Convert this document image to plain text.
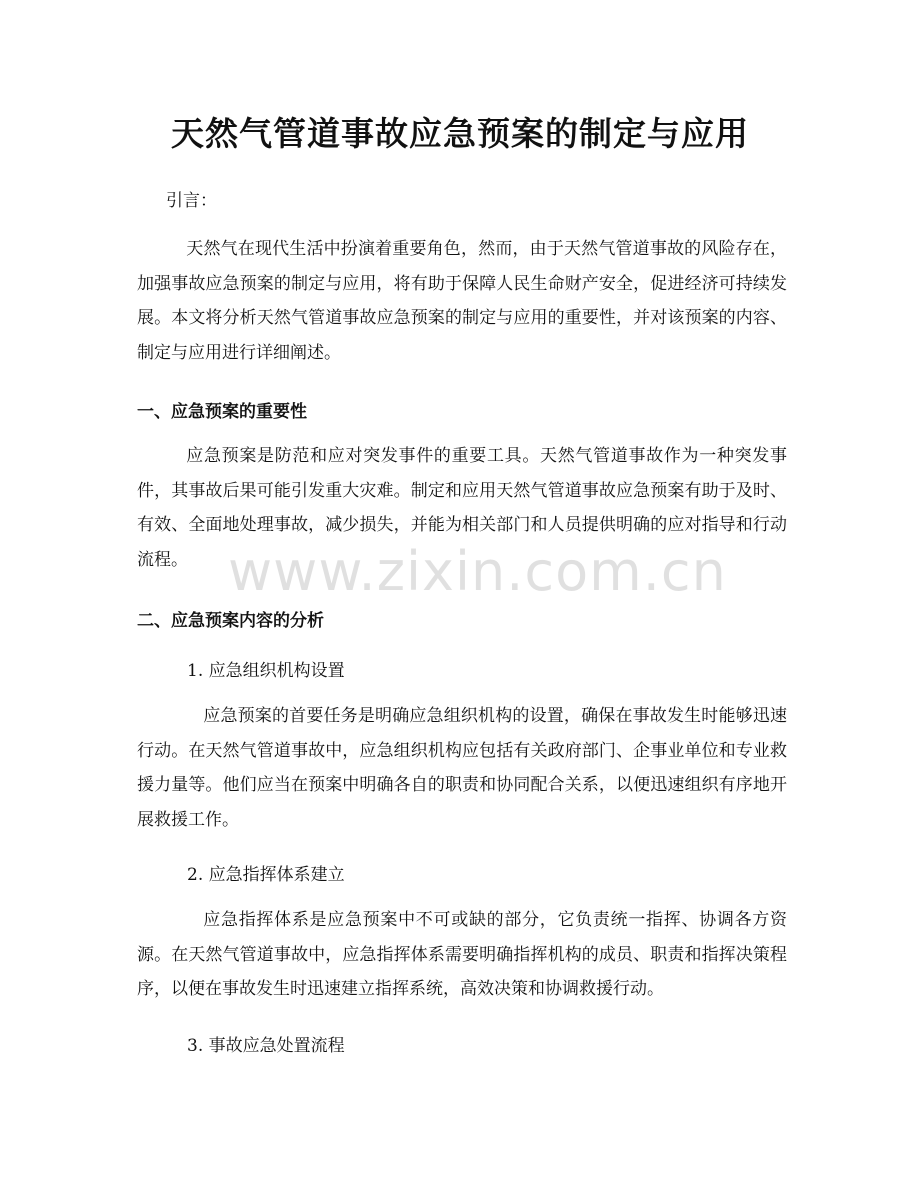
天然气管道事故应急预案的制定与应用
引言：

天然气在现代生活中扮演着重要角色，然而，由于天然气管道事故的风险存在，加强事故应急预案的制定与应用，将有助于保障人民生命财产安全，促进经济可持续发展。本文将分析天然气管道事故应急预案的制定与应用的重要性，并对该预案的内容、制定与应用进行详细阐述。

一、应急预案的重要性

应急预案是防范和应对突发事件的重要工具。天然气管道事故作为一种突发事件，其事故后果可能引发重大灾难。制定和应用天然气管道事故应急预案有助于及时、有效、全面地处理事故，减少损失，并能为相关部门和人员提供明确的应对指导和行动流程。

二、应急预案内容的分析
1. 应急组织机构设置

应急预案的首要任务是明确应急组织机构的设置，确保在事故发生时能够迅速行动。在天然气管道事故中，应急组织机构应包括有关政府部门、企事业单位和专业救援力量等。他们应当在预案中明确各自的职责和协同配合关系，以便迅速组织有序地开展救援工作。

2. 应急指挥体系建立

应急指挥体系是应急预案中不可或缺的部分，它负责统一指挥、协调各方资源。在天然气管道事故中，应急指挥体系需要明确指挥机构的成员、职责和指挥决策程序，以便在事故发生时迅速建立指挥系统，高效决策和协调救援行动。

3. 事故应急处置流程
www.zixin.com.cn
